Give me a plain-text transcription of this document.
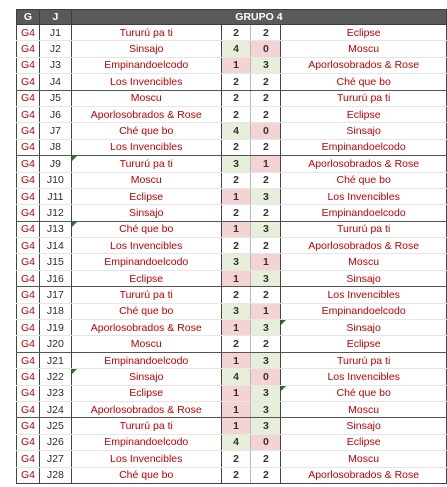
G	J	GRUPO 4			
G4	J1	Tururú pa ti	2	2	Eclipse
G4	J2	Sinsajo	4	0	Moscu
G4	J3	Empinandoelcodo	1	3	Aporlosobrados & Rose
G4	J4	Los Invencibles	2	2	Ché que bo
G4	J5	Moscu	2	2	Tururú pa ti
G4	J6	Aporlosobrados & Rose	2	2	Eclipse
G4	J7	Ché que bo	4	0	Sinsajo
G4	J8	Los Invencibles	2	2	Empinandoelcodo
G4	J9	Tururú pa ti	3	1	Aporlosobrados & Rose
G4	J10	Moscu	2	2	Ché que bo
G4	J11	Eclipse	1	3	Los Invencibles
G4	J12	Sinsajo	2	2	Empinandoelcodo
G4	J13	Ché que bo	1	3	Tururú pa ti
G4	J14	Los Invencibles	2	2	Aporlosobrados & Rose
G4	J15	Empinandoelcodo	3	1	Moscu
G4	J16	Eclipse	1	3	Sinsajo
G4	J17	Tururú pa ti	2	2	Los Invencibles
G4	J18	Ché que bo	3	1	Empinandoelcodo
G4	J19	Aporlosobrados & Rose	1	3	Sinsajo
G4	J20	Moscu	2	2	Eclipse
G4	J21	Empinandoelcodo	1	3	Tururú pa ti
G4	J22	Sinsajo	4	0	Los Invencibles
G4	J23	Eclipse	1	3	Ché que bo
G4	J24	Aporlosobrados & Rose	1	3	Moscu
G4	J25	Tururú pa ti	1	3	Sinsajo
G4	J26	Empinandoelcodo	4	0	Eclipse
G4	J27	Los Invencibles	2	2	Moscu
G4	J28	Ché que bo	2	2	Aporlosobrados & Rose
